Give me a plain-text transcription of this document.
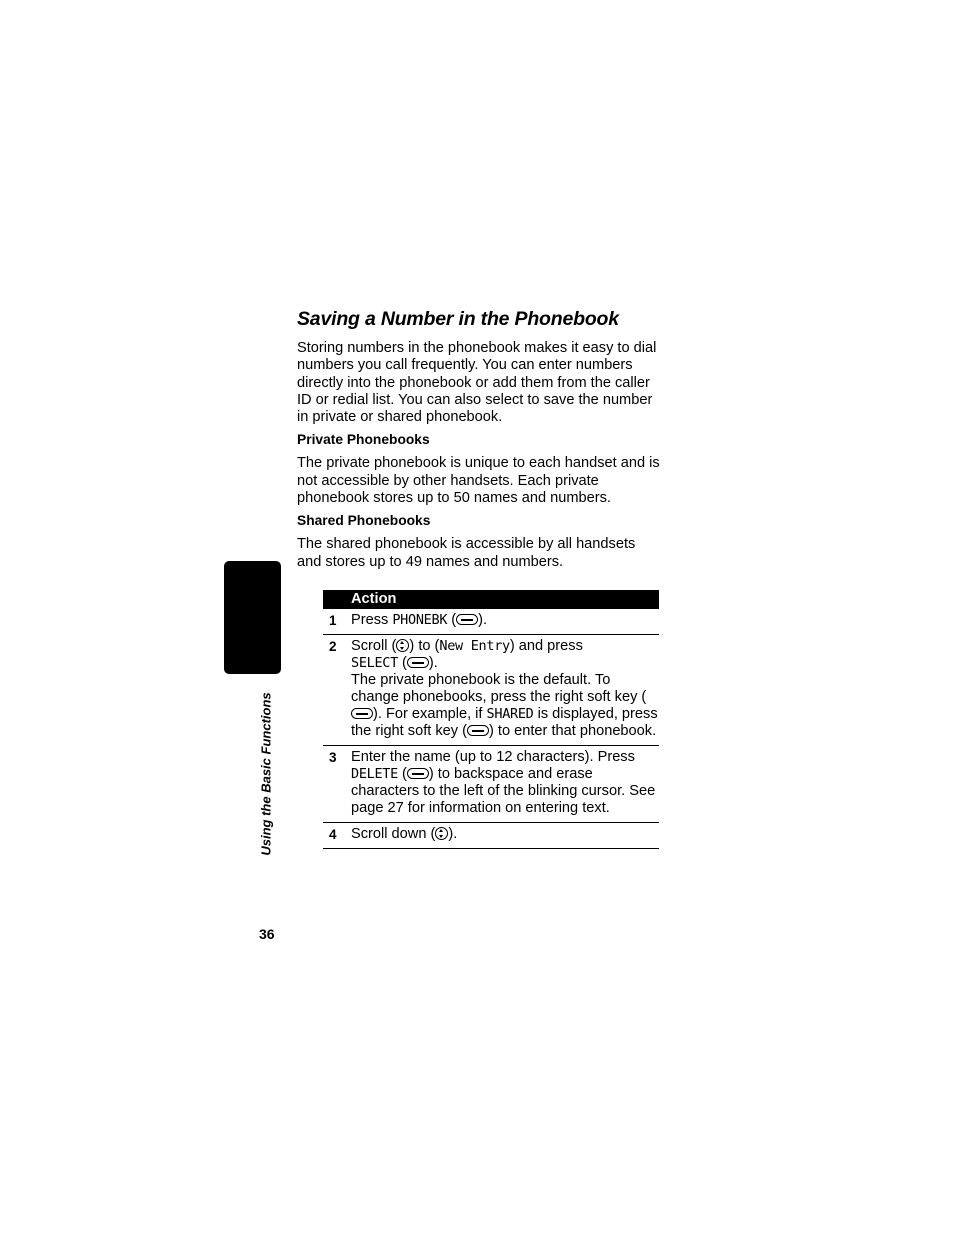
Using the Basic Functions
36
Saving a Number in the Phonebook

Storing numbers in the phonebook makes it easy to dial numbers you call frequently. You can enter numbers directly into the phonebook or add them from the caller ID or redial list. You can also select to save the number in private or shared phonebook.

Private Phonebooks

The private phonebook is unique to each handset and is not accessible by other handsets. Each private phonebook stores up to 50 names and numbers.

Shared Phonebooks

The shared phonebook is accessible by all handsets and stores up to 49 names and numbers.

	Action
1	Press PHONEBK ( ).
2	Scroll ( ) to (New Entry) and press
SELECT ( ).
The private phonebook is the default. To change phonebooks, press the right soft key (). For example, if SHARED is displayed, press the right soft key ( ) to enter that phonebook.
3	Enter the name (up to 12 characters). Press
DELETE ( ) to backspace and erase characters to the left of the blinking cursor. See page 27 for information on entering text.
4	Scroll down ( ).
